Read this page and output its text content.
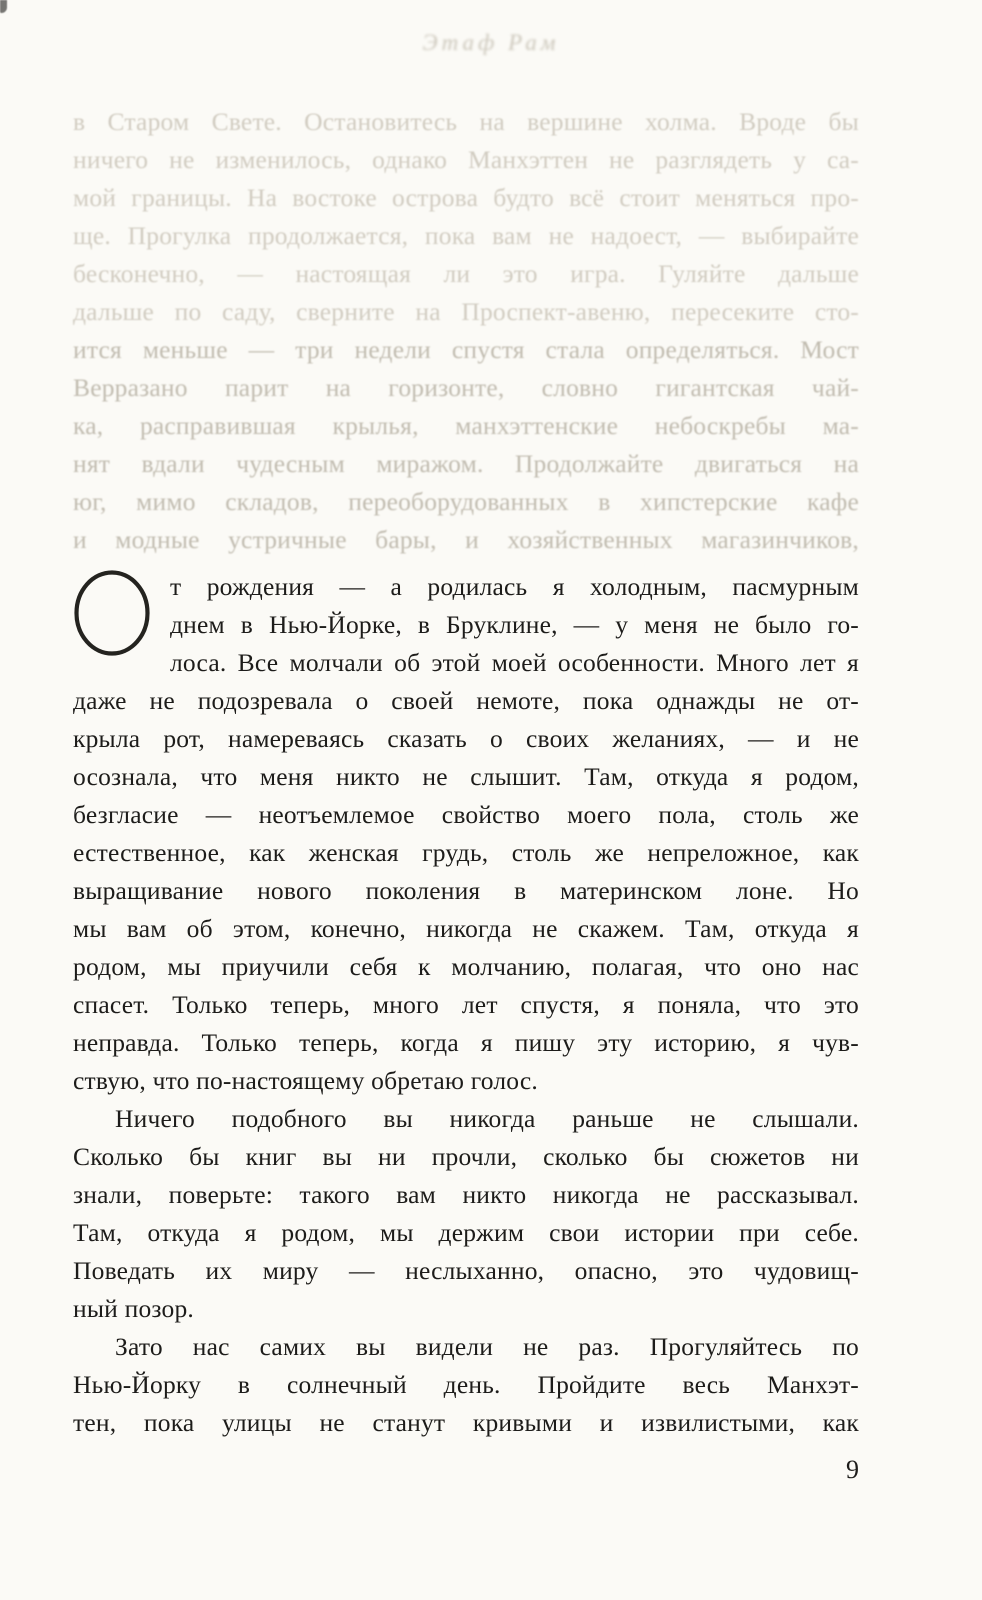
Этаф Рам
в Старом Свете. Остановитесь на вершине холма. Вроде бы
ничего не изменилось, однако Манхэттен не разглядеть у са-
мой границы. На востоке острова будто всё стоит меняться про-
ще. Прогулка продолжается, пока вам не надоест, — выбирайте
бесконечно, — настоящая ли это игра. Гуляйте дальше
дальше по саду, сверните на Проспект-авеню, пересеките сто-
ится меньше — три недели спустя стала определяться. Мост
Верразано парит на горизонте, словно гигантская чай-
ка, расправившая крылья, манхэттенские небоскребы ма-
нят вдали чудесным миражом. Продолжайте двигаться на
юг, мимо складов, переоборудованных в хипстерские кафе
и модные устричные бары, и хозяйственных магазинчиков,
т рождения — а родилась я холодным, пасмурным
днем в Нью-Йорке, в Бруклине, — у меня не было го-
лоса. Все молчали об этой моей особенности. Много лет я
даже не подозревала о своей немоте, пока однажды не от-
крыла рот, намереваясь сказать о своих желаниях, — и не
осознала, что меня никто не слышит. Там, откуда я родом,
безгласие — неотъемлемое свойство моего пола, столь же
естественное, как женская грудь, столь же непреложное, как
выращивание нового поколения в материнском лоне. Но
мы вам об этом, конечно, никогда не скажем. Там, откуда я
родом, мы приучили себя к молчанию, полагая, что оно нас
спасет. Только теперь, много лет спустя, я поняла, что это
неправда. Только теперь, когда я пишу эту историю, я чув-
ствую, что по-настоящему обретаю голос.
Ничего подобного вы никогда раньше не слышали.
Сколько бы книг вы ни прочли, сколько бы сюжетов ни
знали, поверьте: такого вам никто никогда не рассказывал.
Там, откуда я родом, мы держим свои истории при себе.
Поведать их миру — неслыханно, опасно, это чудовищ-
ный позор.
Зато нас самих вы видели не раз. Прогуляйтесь по
Нью-Йорку в солнечный день. Пройдите весь Манхэт-
тен, пока улицы не станут кривыми и извилистыми, как
9
